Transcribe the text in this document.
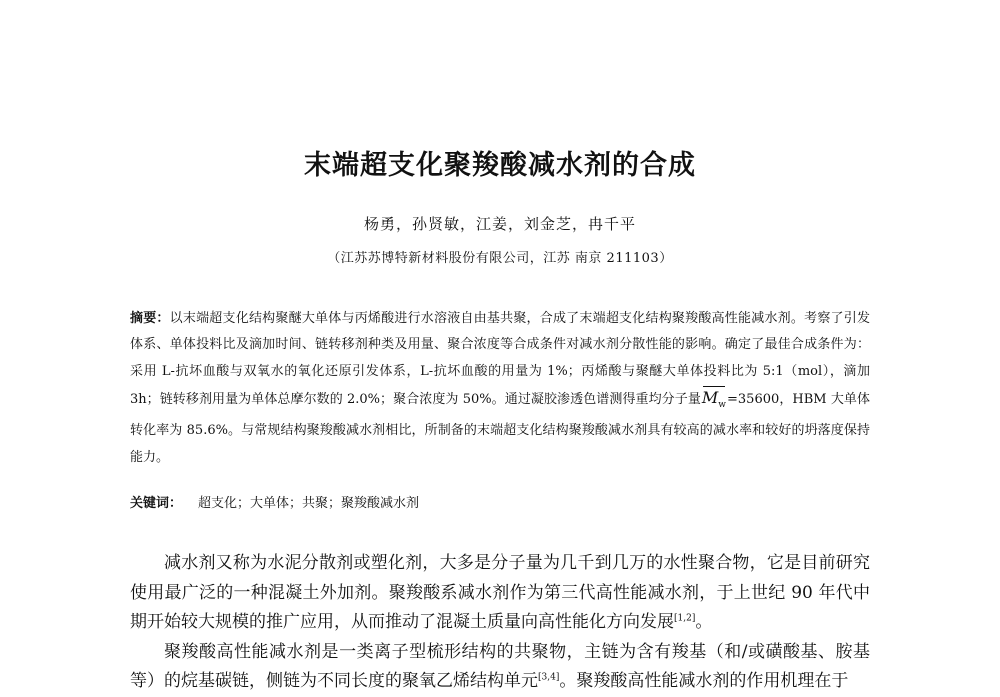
末端超支化聚羧酸减水剂的合成
杨勇，孙贤敏，江姜，刘金芝，冉千平
（江苏苏博特新材料股份有限公司，江苏 南京 211103）
摘要：以末端超支化结构聚醚大单体与丙烯酸进行水溶液自由基共聚，合成了末端超支化结构聚羧酸高性能减水剂。考察了引发体系、单体投料比及滴加时间、链转移剂种类及用量、聚合浓度等合成条件对减水剂分散性能的影响。确定了最佳合成条件为：采用 L-抗坏血酸与双氧水的氧化还原引发体系，L-抗坏血酸的用量为 1%；丙烯酸与聚醚大单体投料比为 5:1（mol），滴加 3h；链转移剂用量为单体总摩尔数的 2.0%；聚合浓度为 50%。通过凝胶渗透色谱测得重均分子量$M_w=35600$，HBM 大单体转化率为 85.6%。与常规结构聚羧酸减水剂相比，所制备的末端超支化结构聚羧酸减水剂具有较高的减水率和较好的坍落度保持能力。
关键词： 超支化；大单体；共聚；聚羧酸减水剂

减水剂又称为水泥分散剂或塑化剂，大多是分子量为几千到几万的水性聚合物，它是目前研究使用最广泛的一种混凝土外加剂。聚羧酸系减水剂作为第三代高性能减水剂，于上世纪 90 年代中期开始较大规模的推广应用，从而推动了混凝土质量向高性能化方向发展[1,2]。

聚羧酸高性能减水剂是一类离子型梳形结构的共聚物，主链为含有羧基（和/或磺酸基、胺基等）的烷基碳链，侧链为不同长度的聚氧乙烯结构单元[3,4]。聚羧酸高性能减水剂的作用机理在于
